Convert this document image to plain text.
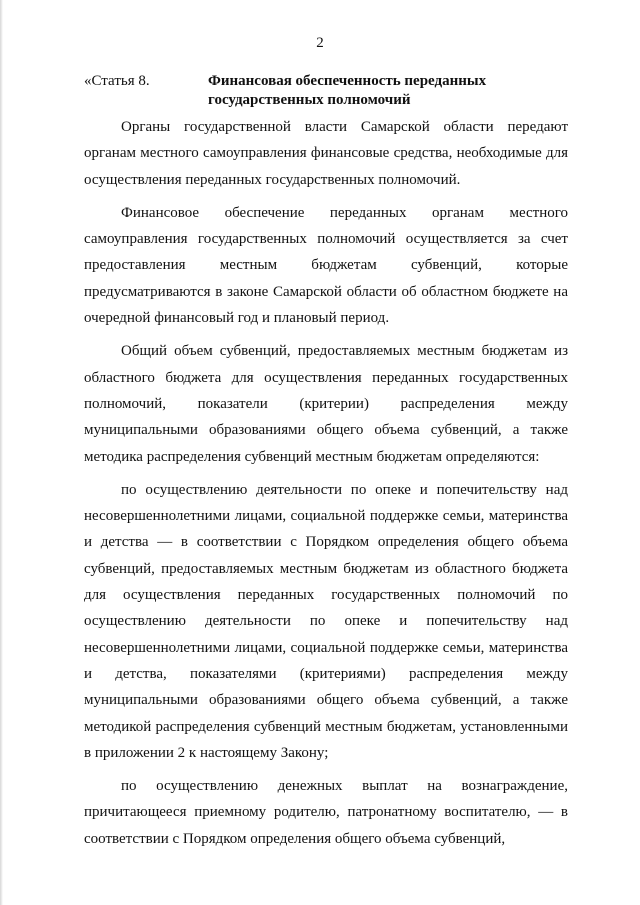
2
«Статья 8.	Финансовая обеспеченность переданных государственных полномочий

Органы государственной власти Самарской области передают органам местного самоуправления финансовые средства, необходимые для осуществления переданных государственных полномочий.

Финансовое обеспечение переданных органам местного самоуправления государственных полномочий осуществляется за счет предоставления местным бюджетам субвенций, которые предусматриваются в законе Самарской области об областном бюджете на очередной финансовый год и плановый период.

Общий объем субвенций, предоставляемых местным бюджетам из областного бюджета для осуществления переданных государственных полномочий, показатели (критерии) распределения между муниципальными образованиями общего объема субвенций, а также методика распределения субвенций местным бюджетам определяются:

по осуществлению деятельности по опеке и попечительству над несовершеннолетними лицами, социальной поддержке семьи, материнства и детства — в соответствии с Порядком определения общего объема субвенций, предоставляемых местным бюджетам из областного бюджета для осуществления переданных государственных полномочий по осуществлению деятельности по опеке и попечительству над несовершеннолетними лицами, социальной поддержке семьи, материнства и детства, показателями (критериями) распределения между муниципальными образованиями общего объема субвенций, а также методикой распределения субвенций местным бюджетам, установленными в приложении 2 к настоящему Закону;

по осуществлению денежных выплат на вознаграждение, причитающееся приемному родителю, патронатному воспитателю, — в соответствии с Порядком определения общего объема субвенций,
